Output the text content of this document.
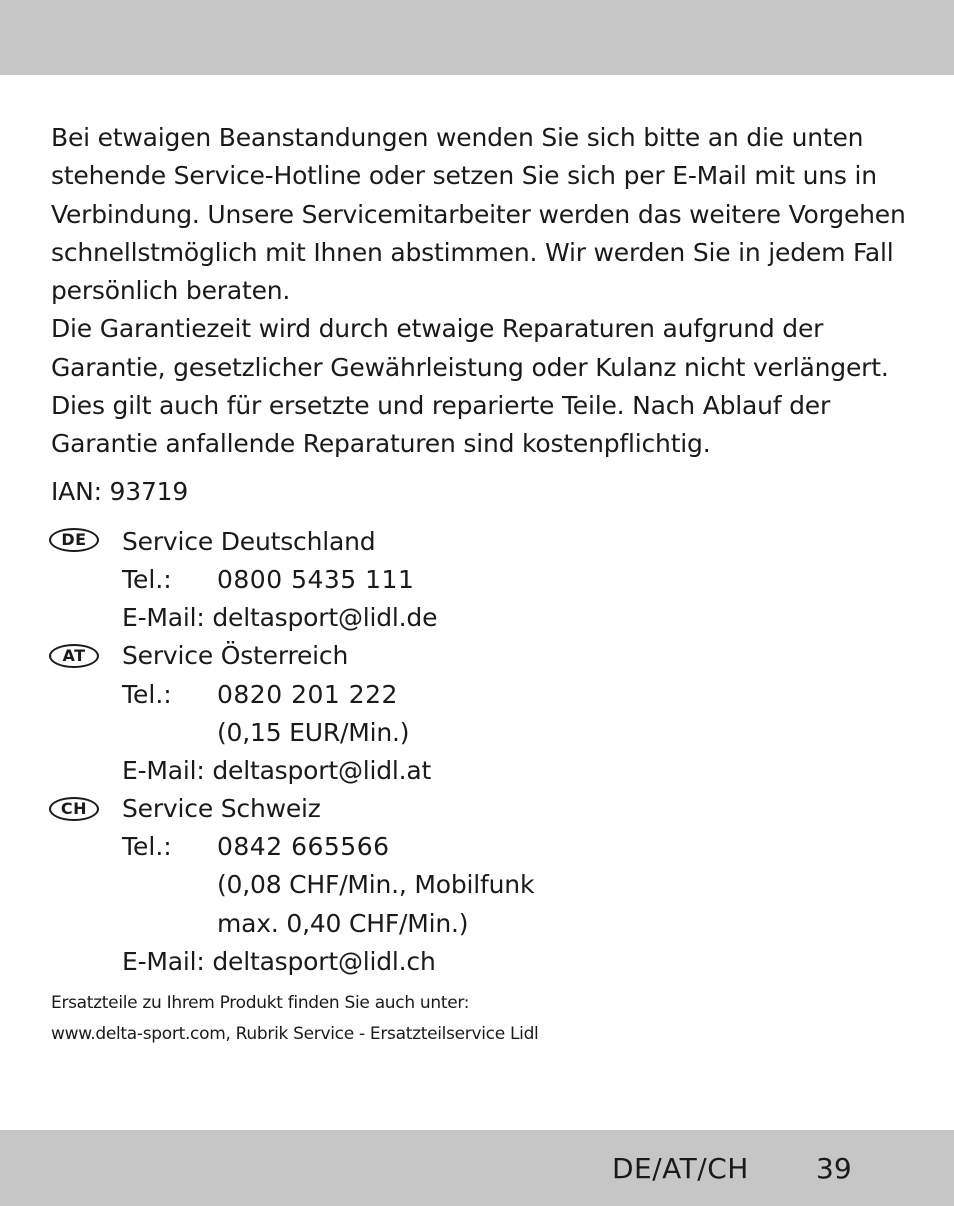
Bei etwaigen Beanstandungen wenden Sie sich bitte an die unten
stehende Service-Hotline oder setzen Sie sich per E-Mail mit uns in
Verbindung. Unsere Servicemitarbeiter werden das weitere Vorgehen
schnellstmöglich mit Ihnen abstimmen. Wir werden Sie in jedem Fall
persönlich beraten.

Die Garantiezeit wird durch etwaige Reparaturen aufgrund der
Garantie, gesetzlicher Gewährleistung oder Kulanz nicht verlängert.
Dies gilt auch für ersetzte und reparierte Teile. Nach Ablauf der
Garantie anfallende Reparaturen sind kostenpflichtig.

IAN: 93719
DE	Service Deutschland
Tel.: 0800 5435 111
E-Mail: deltasport@lidl.de
AT	Service Österreich
Tel.: 0820 201 222
(0,15 EUR/Min.)
E-Mail: deltasport@lidl.at
CH	Service Schweiz
Tel.: 0842 665566
(0,08 CHF/Min., Mobilfunk
max. 0,40 CHF/Min.)
E-Mail: deltasport@lidl.ch
Ersatzteile zu Ihrem Produkt finden Sie auch unter:
www.delta-sport.com, Rubrik Service - Ersatzteilservice Lidl
DE/AT/CH 39
